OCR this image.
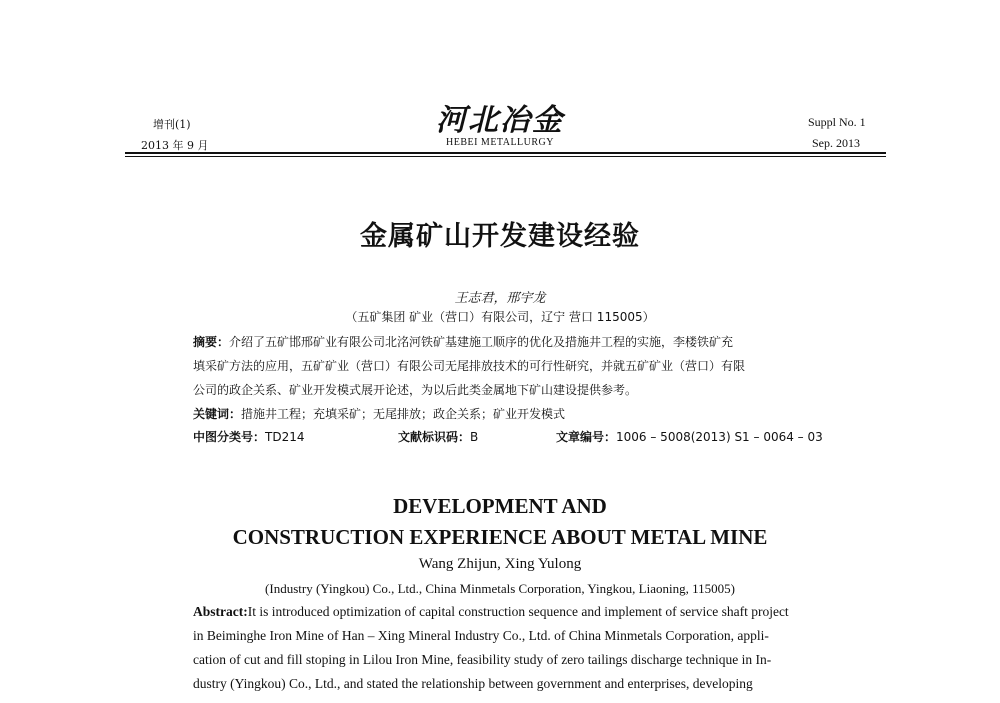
增刊(1)
2013 年 9 月
河北冶金
HEBEI METALLURGY
Suppl No. 1
Sep. 2013
金属矿山开发建设经验
王志君，邢宇龙
（五矿集团 矿业（营口）有限公司，辽宁 营口 115005）
摘要：介绍了五矿邯邢矿业有限公司北洺河铁矿基建施工顺序的优化及措施井工程的实施，李楼铁矿充
填采矿方法的应用，五矿矿业（营口）有限公司无尾排放技术的可行性研究，并就五矿矿业（营口）有限
公司的政企关系、矿业开发模式展开论述，为以后此类金属地下矿山建设提供参考。
关键词：措施井工程；充填采矿；无尾排放；政企关系；矿业开发模式
中图分类号：TD214	文献标识码：B	文章编号：1006 – 5008(2013) S1 – 0064 – 03
DEVELOPMENT AND
CONSTRUCTION EXPERIENCE ABOUT METAL MINE
Wang Zhijun, Xing Yulong
(Industry (Yingkou) Co., Ltd., China Minmetals Corporation, Yingkou, Liaoning, 115005)
Abstract:It is introduced optimization of capital construction sequence and implement of service shaft project
in Beiminghe Iron Mine of Han – Xing Mineral Industry Co., Ltd. of China Minmetals Corporation, appli-
cation of cut and fill stoping in Lilou Iron Mine, feasibility study of zero tailings discharge technique in In-
dustry (Yingkou) Co., Ltd., and stated the relationship between government and enterprises, developing
